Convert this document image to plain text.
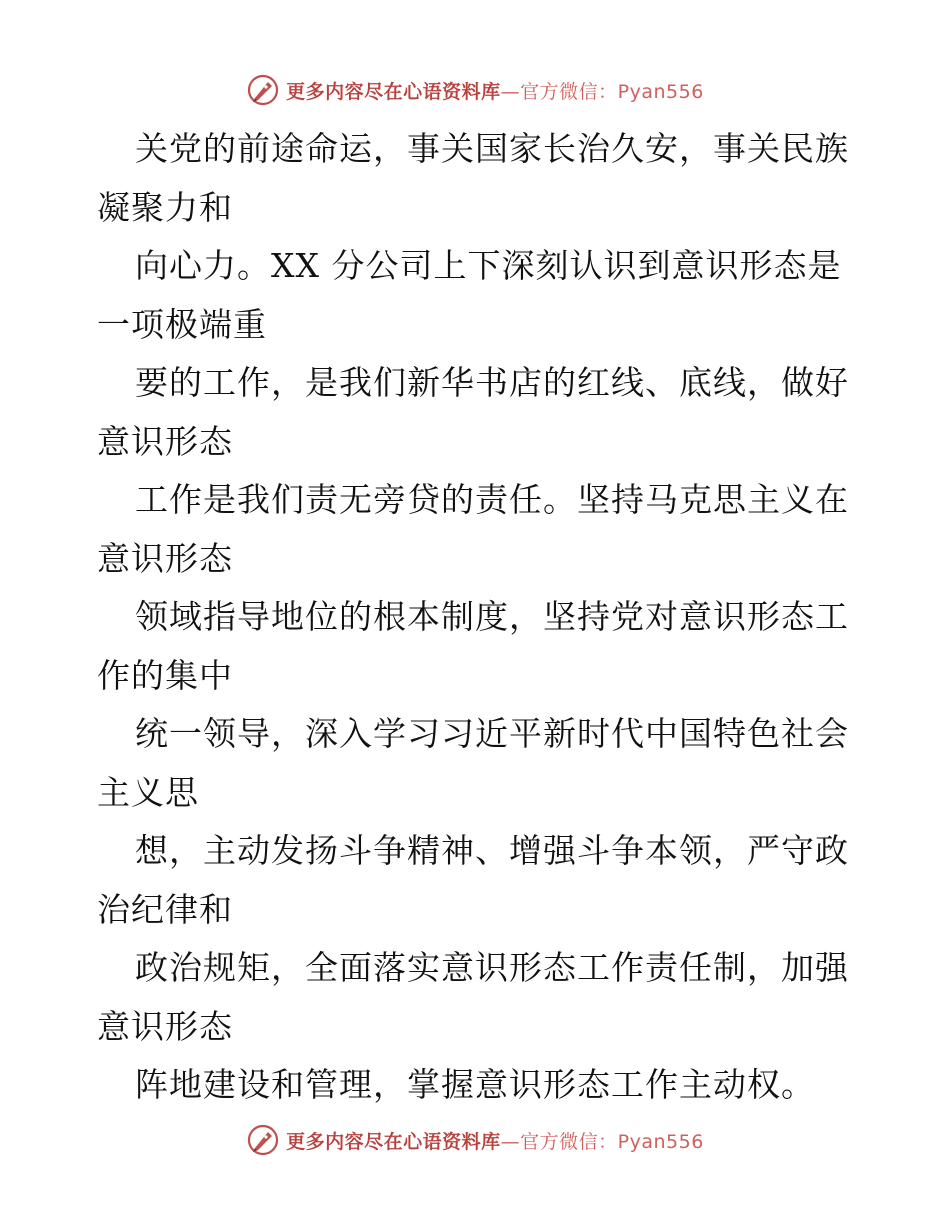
更多内容尽在心语资料库—官方微信：Pyan556
关党的前途命运，事关国家长治久安，事关民族
凝聚力和
向心力。XX 分公司上下深刻认识到意识形态是
一项极端重
要的工作，是我们新华书店的红线、底线，做好
意识形态
工作是我们责无旁贷的责任。坚持马克思主义在
意识形态
领域指导地位的根本制度，坚持党对意识形态工
作的集中
统一领导，深入学习习近平新时代中国特色社会
主义思
想，主动发扬斗争精神、增强斗争本领，严守政
治纪律和
政治规矩，全面落实意识形态工作责任制，加强
意识形态
阵地建设和管理，掌握意识形态工作主动权。
更多内容尽在心语资料库—官方微信：Pyan556
